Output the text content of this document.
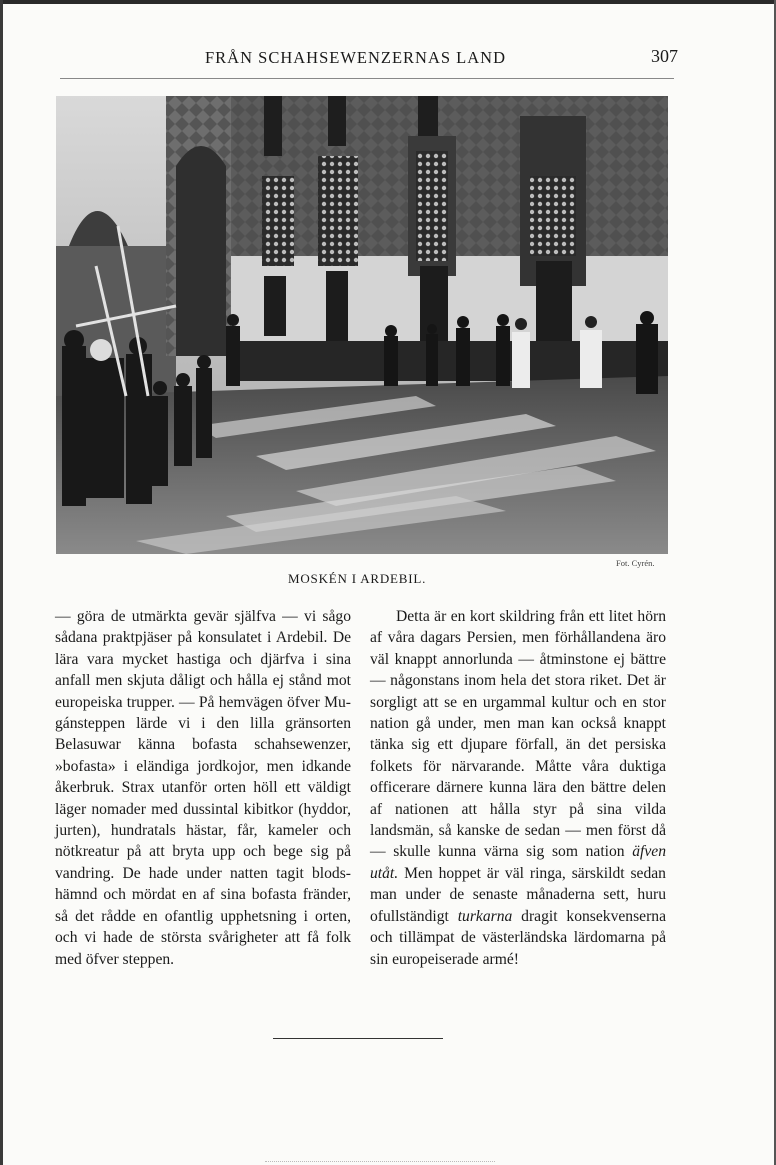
FRÅN SCHAHSEWENZERNAS LAND	307
Fot. Cyrén.
MOSKÉN I ARDEBIL.
— göra de utmärkta gevär själfva — vi sågo sådana praktpjäser på konsulatet i Ardebil. De lära vara mycket hastiga och djärfva i sina anfall men skjuta dåligt och hålla ej stånd mot europeiska trupper. — På hemvägen öfver Mugánsteppen lärde vi i den lilla gränsorten Belasuwar känna bofasta schahsewenzer, »bofasta» i eländiga jordkojor, men idkande åkerbruk. Strax utanför orten höll ett väldigt läger nomader med dussintal kibitkor (hyddor, jurten), hundratals hästar, får, kameler och nötkreatur på att bryta upp och bege sig på vandring. De hade under natten tagit blodshämnd och mördat en af sina bofasta fränder, så det rådde en ofantlig upphetsning i orten, och vi hade de största svårigheter att få folk med öfver steppen.
Detta är en kort skildring från ett litet hörn af våra dagars Persien, men förhållandena äro väl knappt annorlunda — åtminstone ej bättre — någonstans inom hela det stora riket. Det är sorgligt att se en urgammal kultur och en stor nation gå under, men man kan också knappt tänka sig ett djupare förfall, än det persiska folkets för närvarande. Måtte våra duktiga officerare därnere kunna lära den bättre delen af nationen att hålla styr på sina vilda landsmän, så kanske de sedan — men först då — skulle kunna värna sig som nation äfven utåt. Men hoppet är väl ringa, särskildt sedan man under de senaste månaderna sett, huru ofullständigt turkarna dragit konsekvenserna och tillämpat de västerländska lärdomarna på sin europeiserade armé!
